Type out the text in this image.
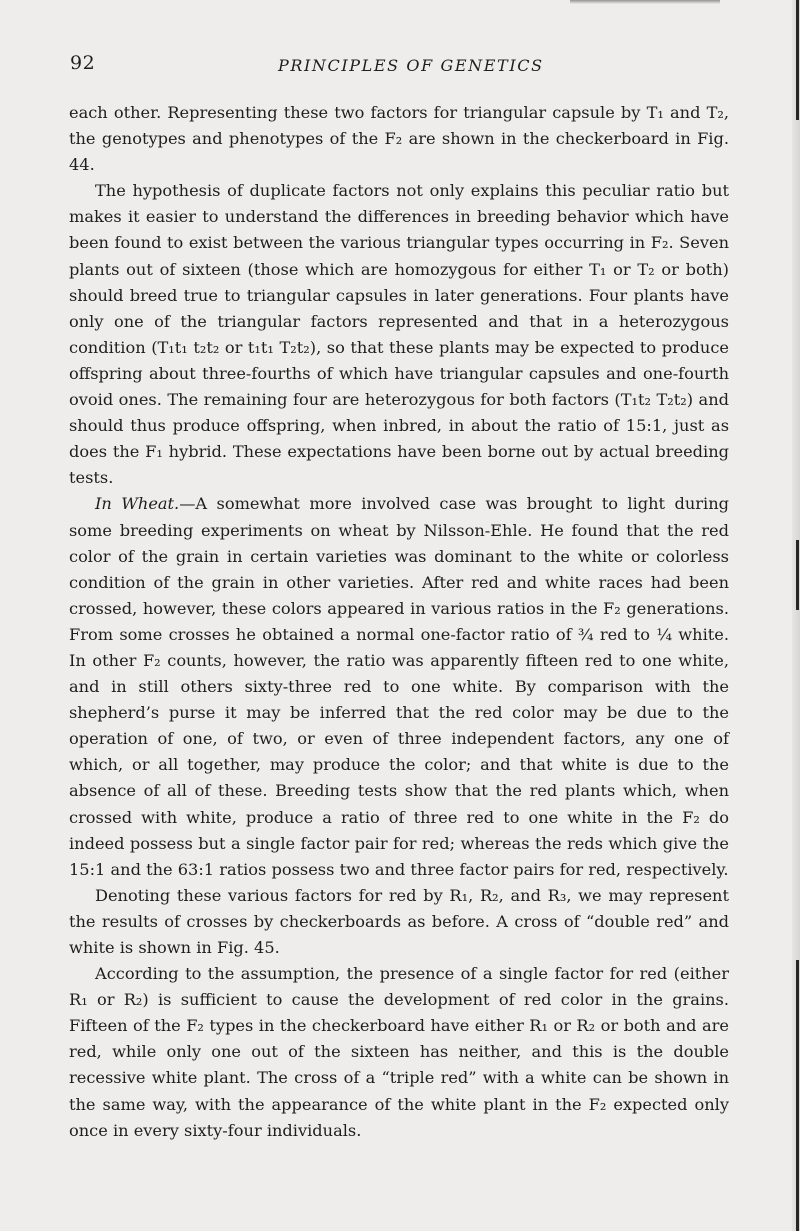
92	PRINCIPLES OF GENETICS

each other. Representing these two factors for triangular capsule by T₁ and T₂, the genotypes and phenotypes of the F₂ are shown in the checkerboard in Fig. 44.

The hypothesis of duplicate factors not only explains this peculiar ratio but makes it easier to understand the differences in breeding behavior which have been found to exist between the various triangular types occurring in F₂. Seven plants out of sixteen (those which are homozygous for either T₁ or T₂ or both) should breed true to triangular capsules in later generations. Four plants have only one of the triangular factors represented and that in a heterozygous condition (T₁t₁ t₂t₂ or t₁t₁ T₂t₂), so that these plants may be expected to produce offspring about three-fourths of which have triangular capsules and one-fourth ovoid ones. The remaining four are heterozygous for both factors (T₁t₂ T₂t₂) and should thus produce offspring, when inbred, in about the ratio of 15:1, just as does the F₁ hybrid. These expectations have been borne out by actual breeding tests.

In Wheat.—A somewhat more involved case was brought to light during some breeding experiments on wheat by Nilsson-Ehle. He found that the red color of the grain in certain varieties was dominant to the white or colorless condition of the grain in other varieties. After red and white races had been crossed, however, these colors appeared in various ratios in the F₂ generations. From some crosses he obtained a normal one-factor ratio of ¾ red to ¼ white. In other F₂ counts, however, the ratio was apparently fifteen red to one white, and in still others sixty-three red to one white. By comparison with the shepherd’s purse it may be inferred that the red color may be due to the operation of one, of two, or even of three independent factors, any one of which, or all together, may produce the color; and that white is due to the absence of all of these. Breeding tests show that the red plants which, when crossed with white, produce a ratio of three red to one white in the F₂ do indeed possess but a single factor pair for red; whereas the reds which give the 15:1 and the 63:1 ratios possess two and three factor pairs for red, respectively.

Denoting these various factors for red by R₁, R₂, and R₃, we may represent the results of crosses by checkerboards as before. A cross of “double red” and white is shown in Fig. 45.

According to the assumption, the presence of a single factor for red (either R₁ or R₂) is sufficient to cause the development of red color in the grains. Fifteen of the F₂ types in the checkerboard have either R₁ or R₂ or both and are red, while only one out of the sixteen has neither, and this is the double recessive white plant. The cross of a “triple red” with a white can be shown in the same way, with the appearance of the white plant in the F₂ expected only once in every sixty-four individuals.
